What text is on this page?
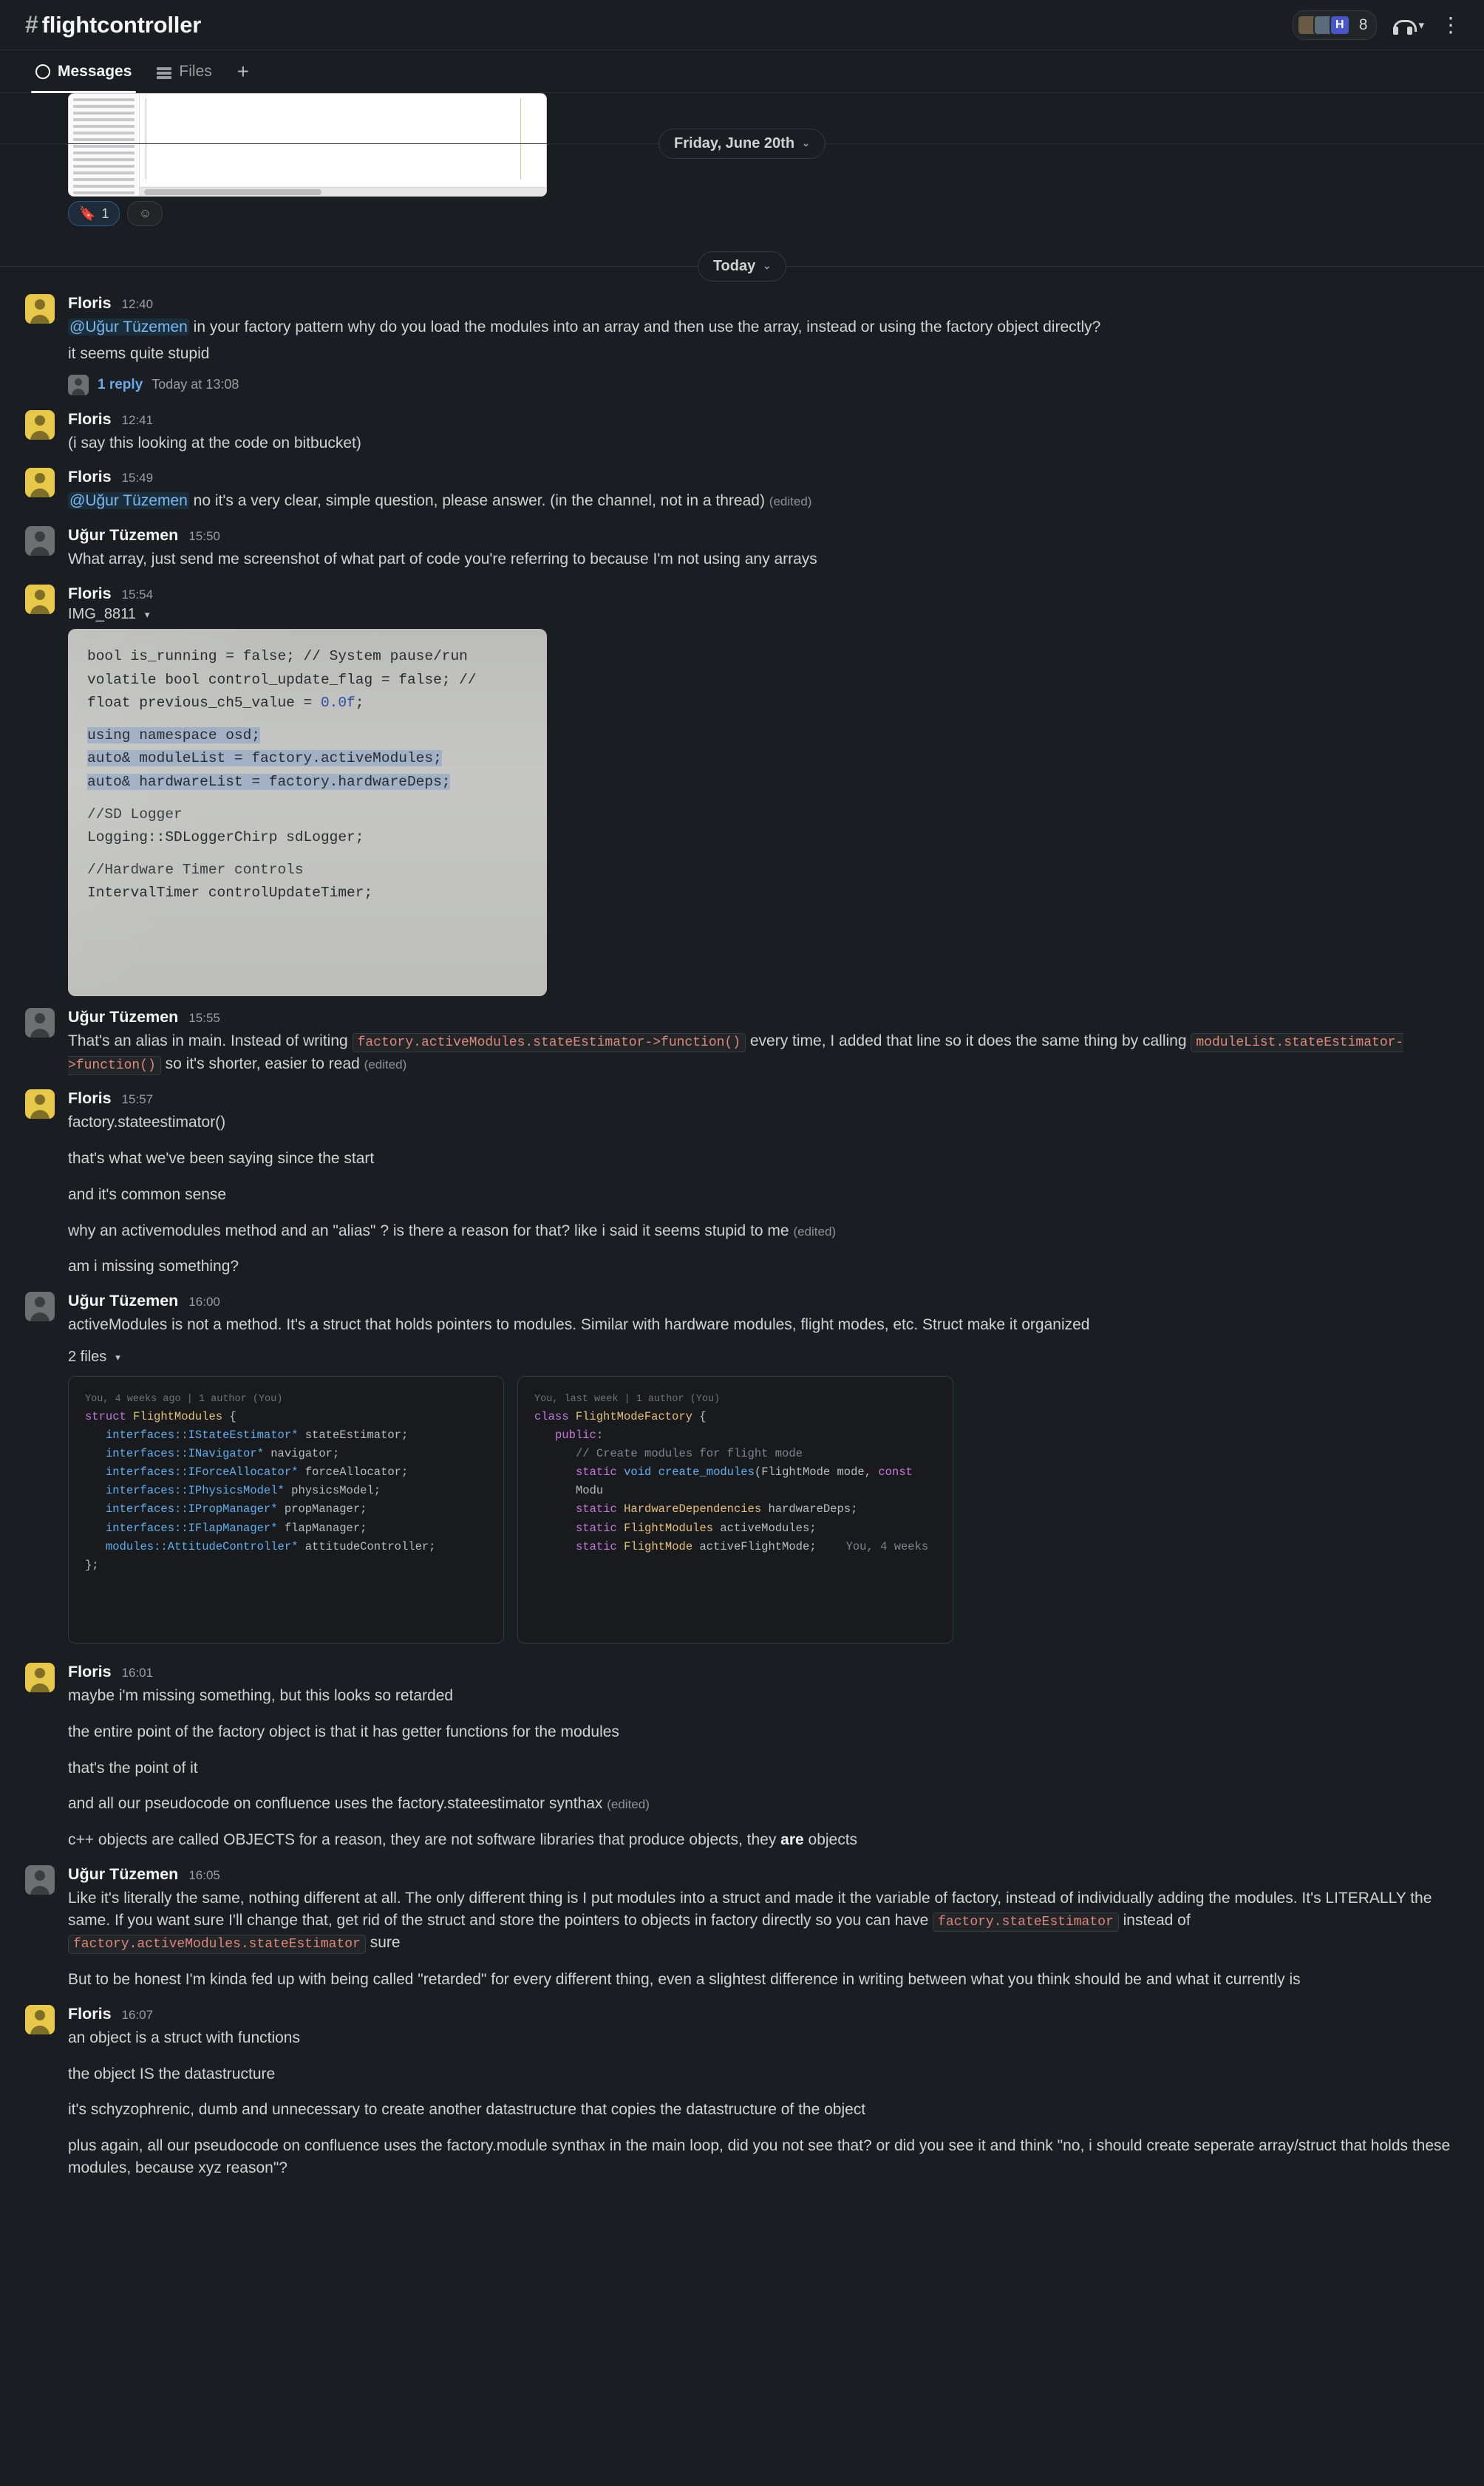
# flightcontroller	H 8	▾ ⋮
Messages	Files	+
🔖 1	☺
Friday, June 20th ⌄
Today ⌄
Floris 12:40
@Uğur Tüzemen in your factory pattern why do you load the modules into an array and then use the array, instead or using the factory object directly?
it seems quite stupid
1 reply Today at 13:08
Floris 12:41
(i say this looking at the code on bitbucket)
Floris 15:49
@Uğur Tüzemen no it's a very clear, simple question, please answer. (in the channel, not in a thread) (edited)
Uğur Tüzemen 15:50
What array, just send me screenshot of what part of code you're referring to because I'm not using any arrays
Floris 15:54
IMG_8811 ▾
bool is_running = false; // System pause/run
volatile bool control_update_flag = false; //
float previous_ch5_value = 0.0f;
using namespace osd;
auto& moduleList = factory.activeModules;
auto& hardwareList = factory.hardwareDeps;
//SD Logger
Logging::SDLoggerChirp sdLogger;
//Hardware Timer controls
IntervalTimer controlUpdateTimer;
Uğur Tüzemen 15:55
That's an alias in main. Instead of writing factory.activeModules.stateEstimator->function() every time, I added that line so it does the same thing by calling moduleList.stateEstimator->function() so it's shorter, easier to read (edited)
Floris 15:57
factory.stateestimator()
that's what we've been saying since the start
and it's common sense
why an activemodules method and an "alias" ? is there a reason for that? like i said it seems stupid to me (edited)
am i missing something?
Uğur Tüzemen 16:00
activeModules is not a method. It's a struct that holds pointers to modules. Similar with hardware modules, flight modes, etc. Struct make it organized
2 files ▾
You, 4 weeks ago | 1 author (You)
struct FlightModules {
interfaces::IStateEstimator* stateEstimator;
interfaces::INavigator* navigator;
interfaces::IForceAllocator* forceAllocator;
interfaces::IPhysicsModel* physicsModel;
interfaces::IPropManager* propManager;
interfaces::IFlapManager* flapManager;
modules::AttitudeController* attitudeController;
};
You, last week | 1 author (You)
class FlightModeFactory {
public:
// Create modules for flight mode
static void create_modules(FlightMode mode, const Modu
static HardwareDependencies hardwareDeps;
static FlightModules activeModules;
static FlightMode activeFlightMode;	You, 4 weeks
Floris 16:01
maybe i'm missing something, but this looks so retarded
the entire point of the factory object is that it has getter functions for the modules
that's the point of it
and all our pseudocode on confluence uses the factory.stateestimator synthax (edited)
c++ objects are called OBJECTS for a reason, they are not software libraries that produce objects, they are objects
Uğur Tüzemen 16:05
Like it's literally the same, nothing different at all. The only different thing is I put modules into a struct and made it the variable of factory, instead of individually adding the modules. It's LITERALLY the same. If you want sure I'll change that, get rid of the struct and store the pointers to objects in factory directly so you can have factory.stateEstimator instead of factory.activeModules.stateEstimator sure
But to be honest I'm kinda fed up with being called "retarded" for every different thing, even a slightest difference in writing between what you think should be and what it currently is
Floris 16:07
an object is a struct with functions
the object IS the datastructure
it's schyzophrenic, dumb and unnecessary to create another datastructure that copies the datastructure of the object
plus again, all our pseudocode on confluence uses the factory.module synthax in the main loop, did you not see that? or did you see it and think "no, i should create seperate array/struct that holds these modules, because xyz reason"?
